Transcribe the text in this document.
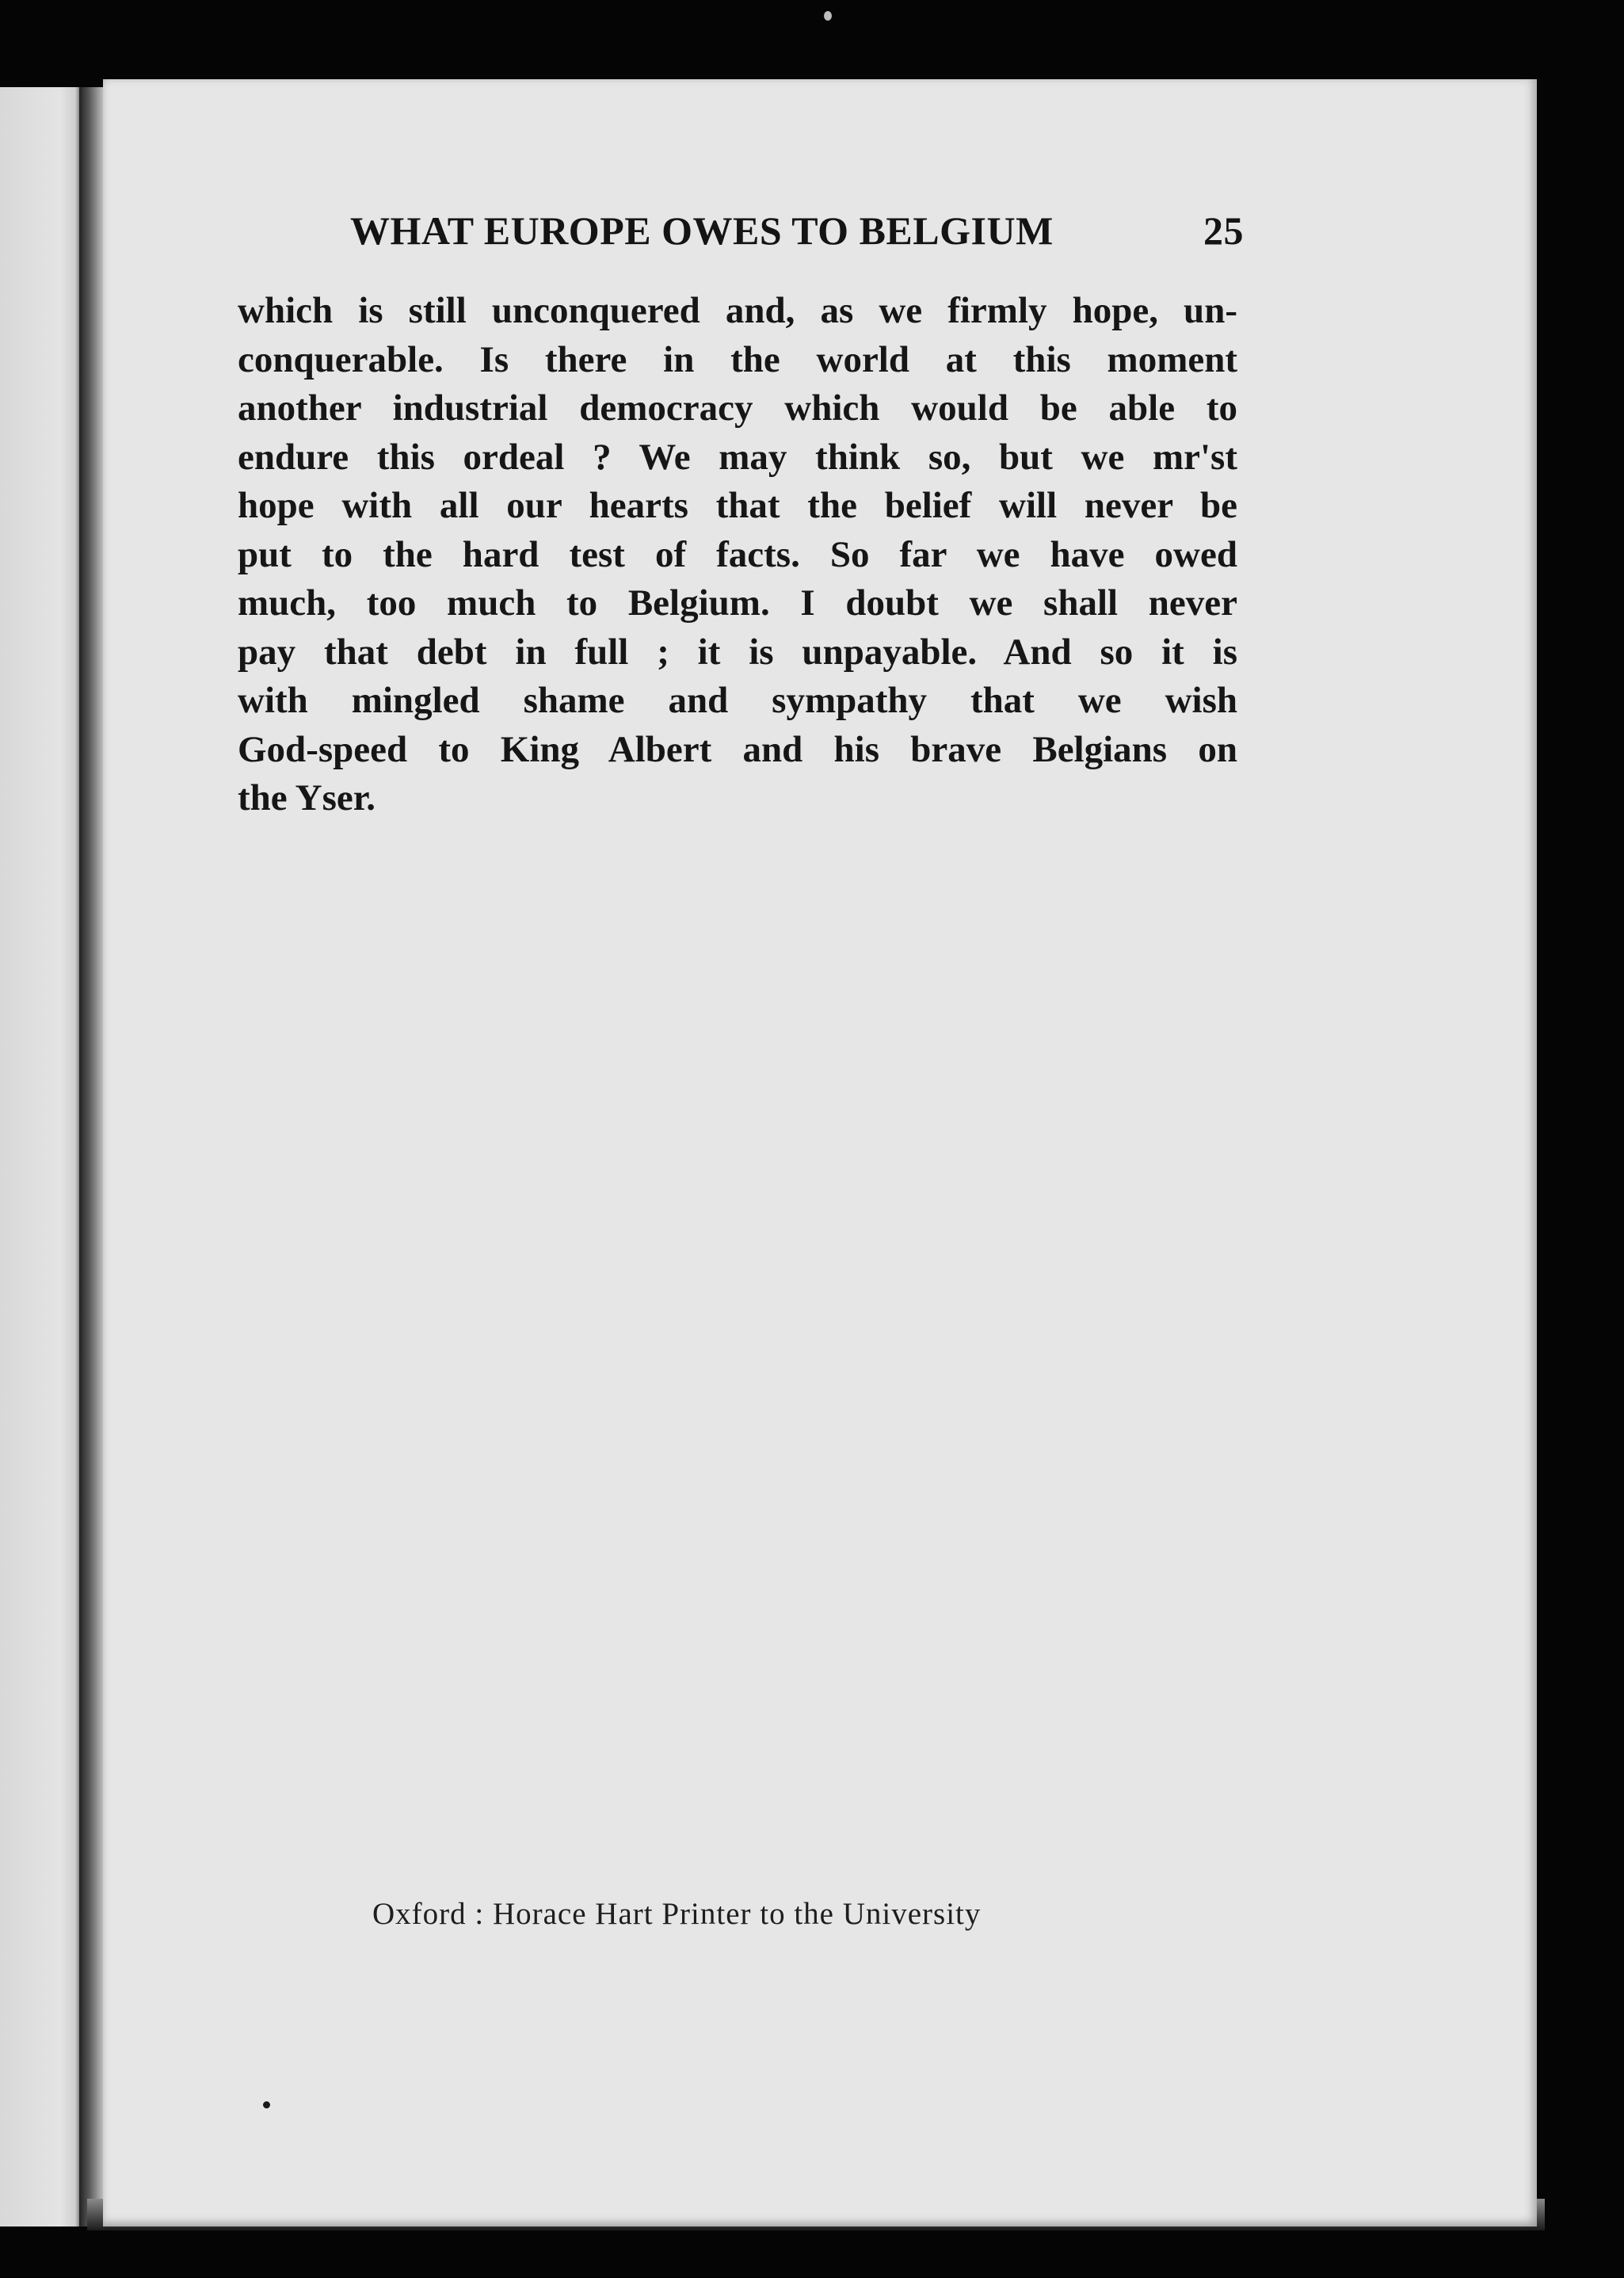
WHAT EUROPE OWES TO BELGIUM	25
which is still unconquered and, as we firmly hope, un-
conquerable. Is there in the world at this moment
another industrial democracy which would be able to
endure this ordeal ? We may think so, but we mr'st
hope with all our hearts that the belief will never be
put to the hard test of facts. So far we have owed
much, too much to Belgium. I doubt we shall never
pay that debt in full ; it is unpayable. And so it is
with mingled shame and sympathy that we wish
God-speed to King Albert and his brave Belgians on
the Yser.
Oxford : Horace Hart Printer to the University
